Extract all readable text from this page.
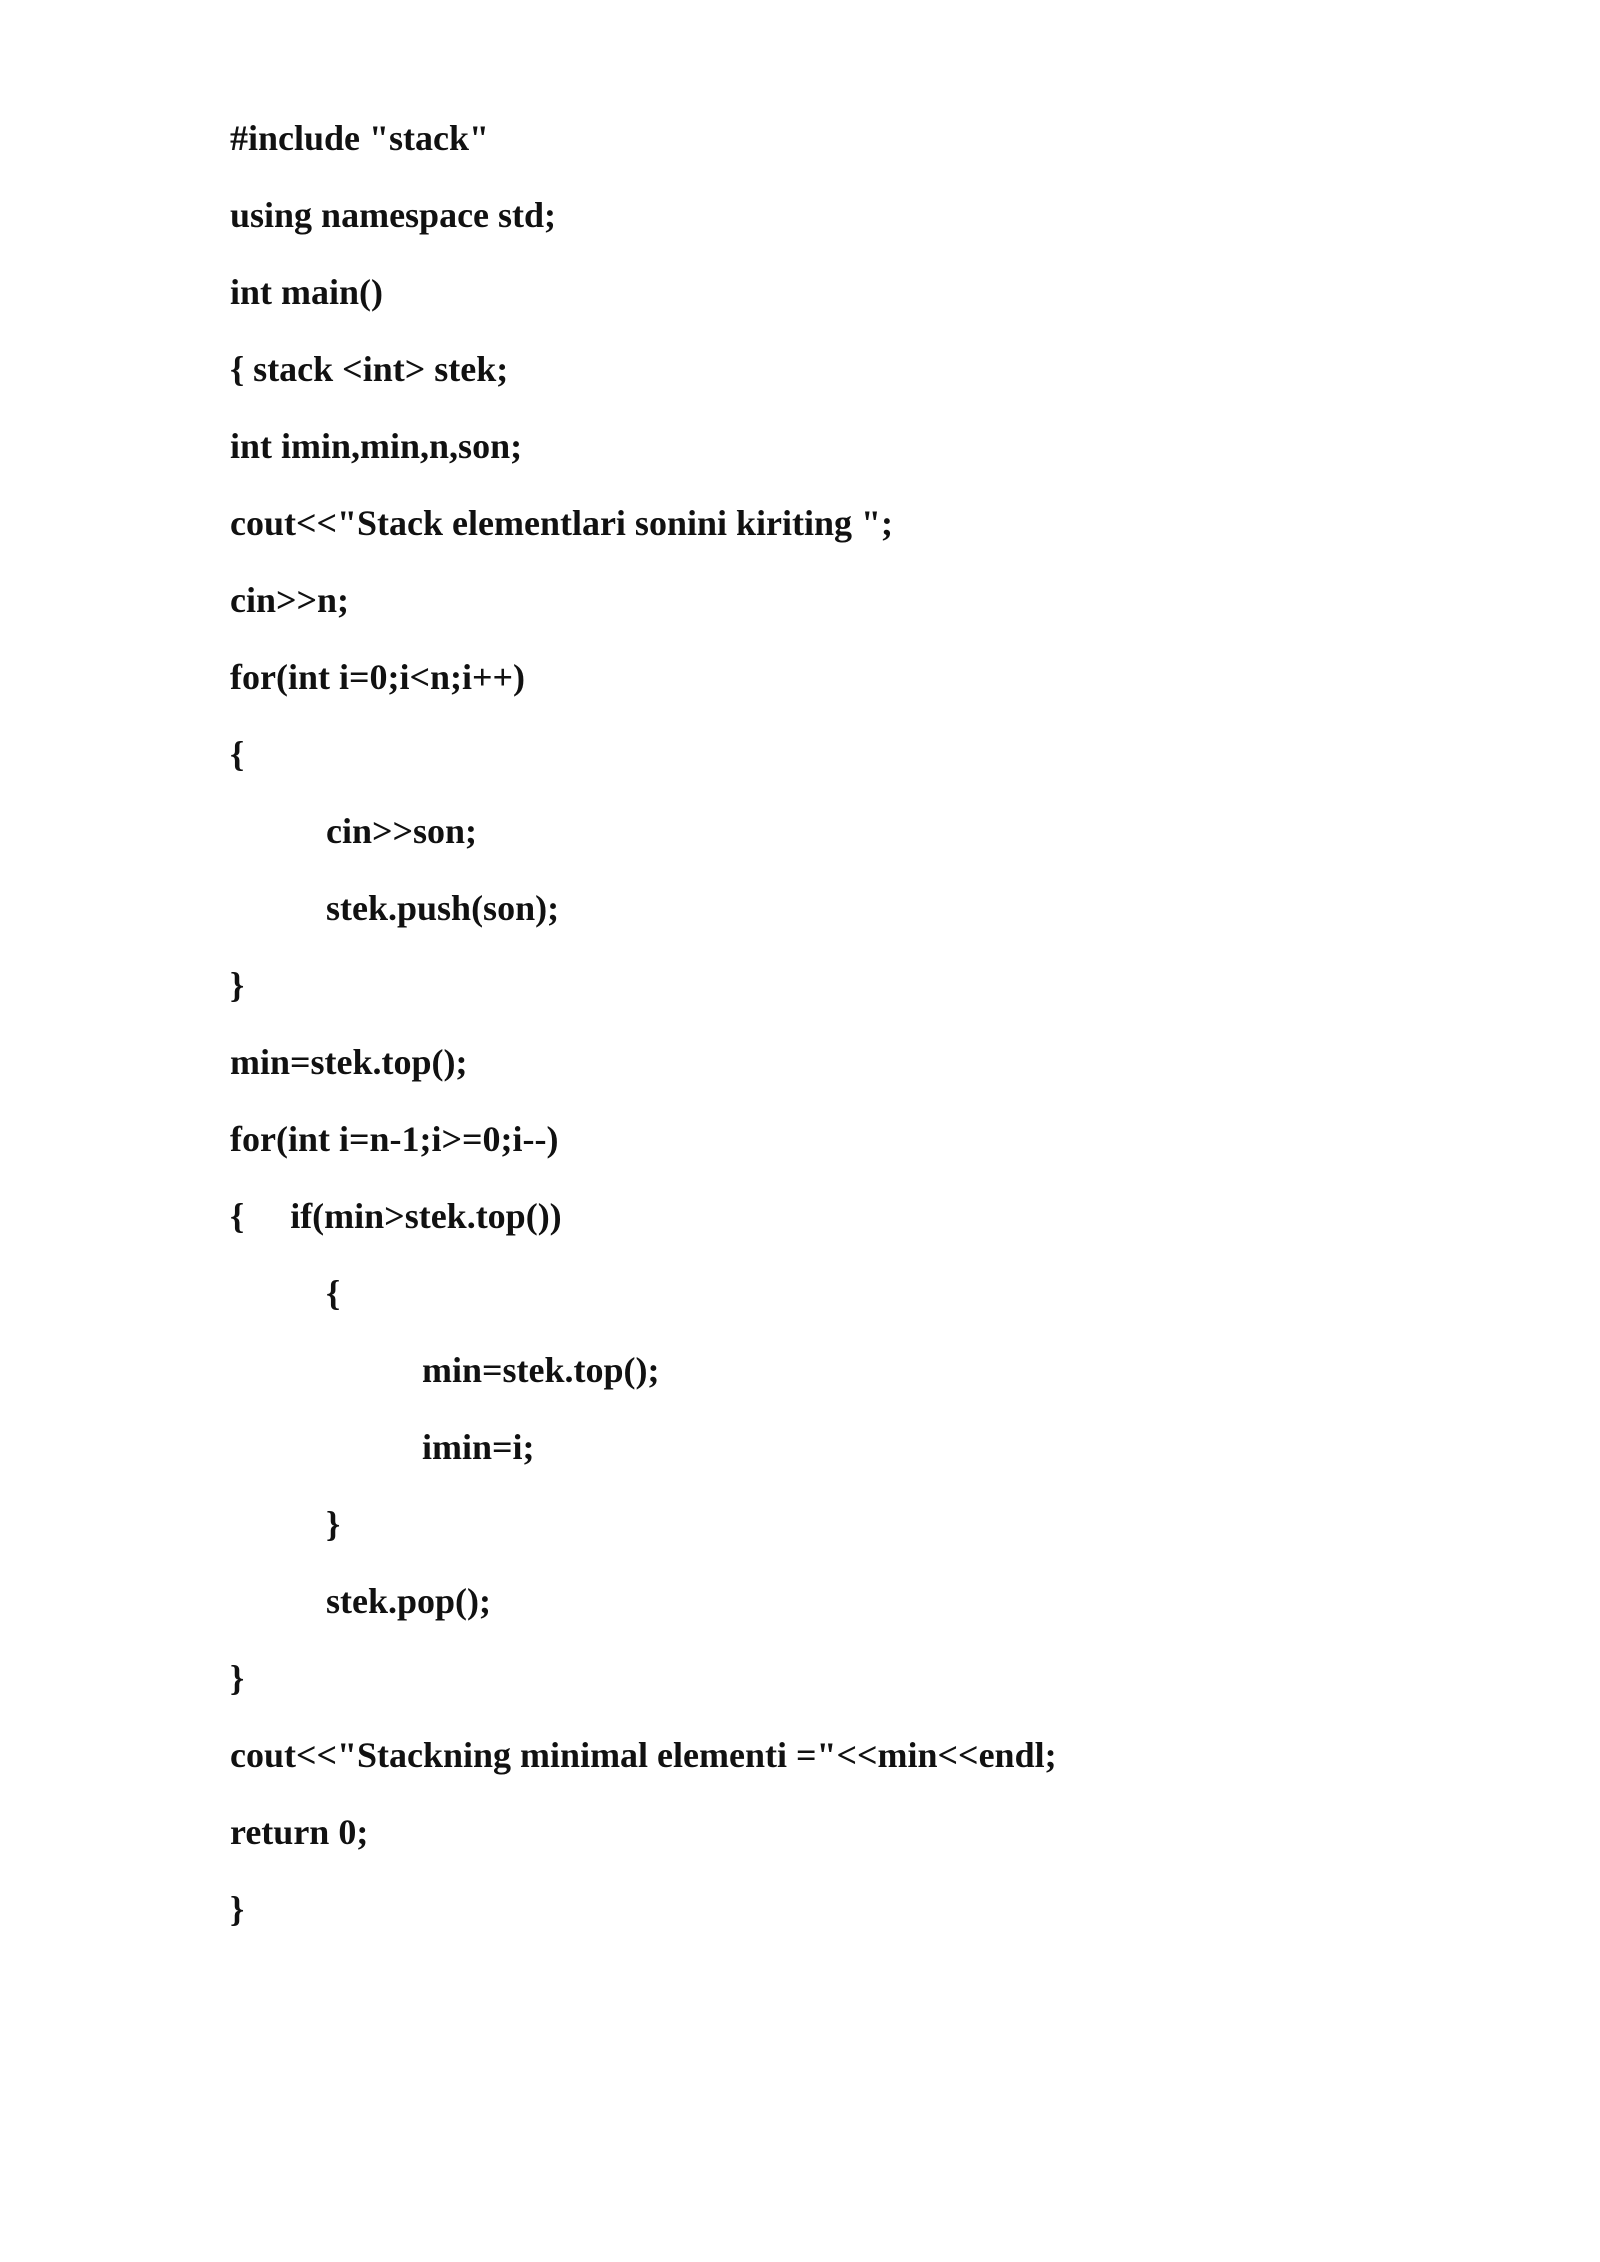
#include "stack"
using namespace std;
int main()
{ stack <int> stek;
int imin,min,n,son;
cout<<"Stack elementlari sonini kiriting ";
cin>>n;
for(int i=0;i<n;i++)
{
cin>>son;
stek.push(son);
}
min=stek.top();
for(int i=n-1;i>=0;i--)
{ if(min>stek.top())
{
min=stek.top();
imin=i;
}
stek.pop();
}
cout<<"Stackning minimal elementi ="<<min<<endl;
return 0;
}
